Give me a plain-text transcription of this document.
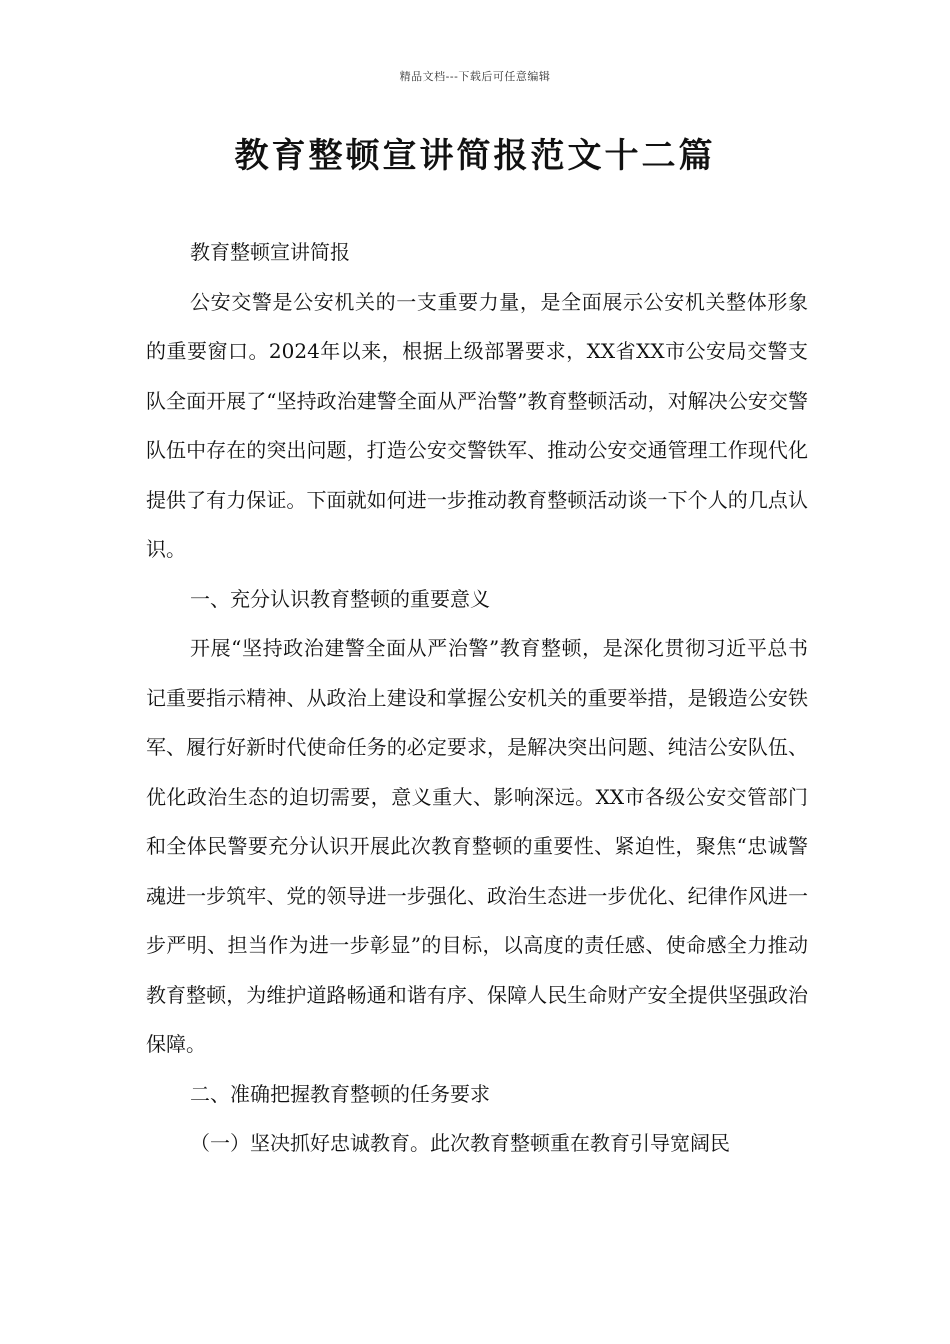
精品文档---下载后可任意编辑
教育整顿宣讲简报范文十二篇

教育整顿宣讲简报

公安交警是公安机关的一支重要力量，是全面展示公安机关整体形象的重要窗口。2024年以来，根据上级部署要求，XX省XX市公安局交警支队全面开展了“坚持政治建警全面从严治警”教育整顿活动，对解决公安交警队伍中存在的突出问题，打造公安交警铁军、推动公安交通管理工作现代化提供了有力保证。下面就如何进一步推动教育整顿活动谈一下个人的几点认识。

一、充分认识教育整顿的重要意义

开展“坚持政治建警全面从严治警”教育整顿，是深化贯彻习近平总书记重要指示精神、从政治上建设和掌握公安机关的重要举措，是锻造公安铁军、履行好新时代使命任务的必定要求，是解决突出问题、纯洁公安队伍、优化政治生态的迫切需要，意义重大、影响深远。XX市各级公安交管部门和全体民警要充分认识开展此次教育整顿的重要性、紧迫性，聚焦“忠诚警魂进一步筑牢、党的领导进一步强化、政治生态进一步优化、纪律作风进一步严明、担当作为进一步彰显”的目标，以高度的责任感、使命感全力推动教育整顿，为维护道路畅通和谐有序、保障人民生命财产安全提供坚强政治保障。

二、准确把握教育整顿的任务要求

（一）坚决抓好忠诚教育。此次教育整顿重在教育引导宽阔民
